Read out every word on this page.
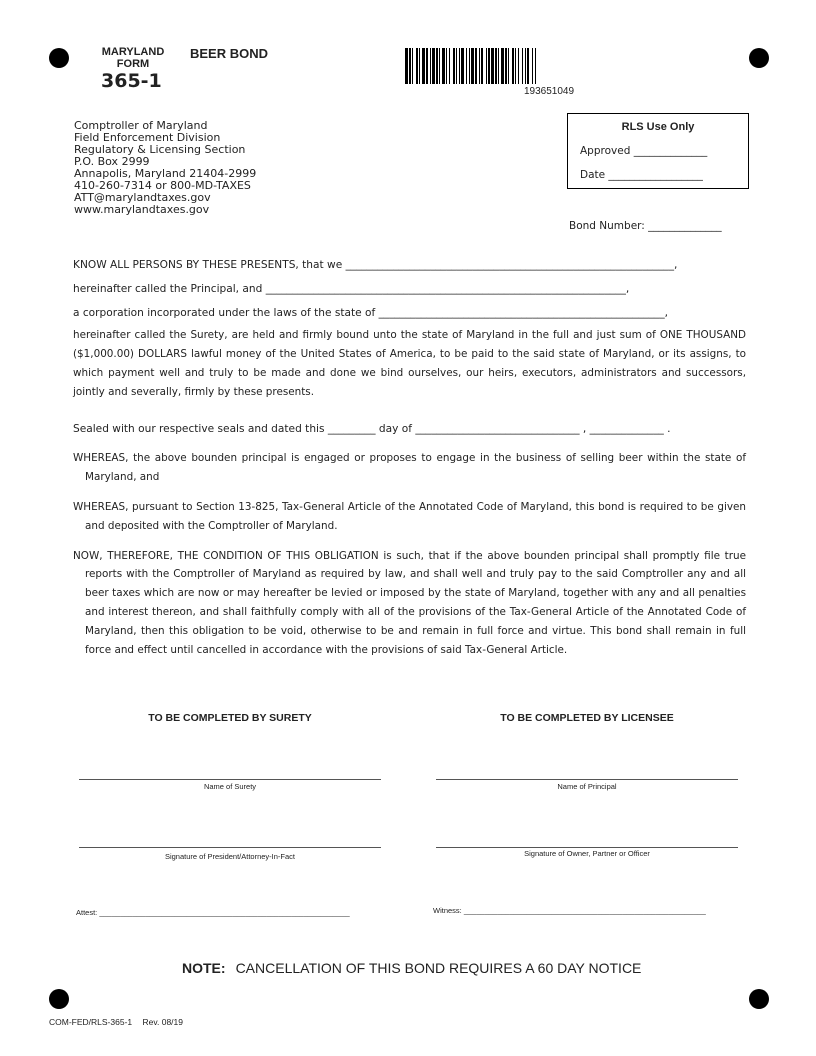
MARYLAND
FORM
365-1
BEER BOND
193651049
Comptroller of Maryland
Field Enforcement Division
Regulatory & Licensing Section
P.O. Box 2999
Annapolis, Maryland 21404-2999
410-260-7314 or 800-MD-TAXES
ATT@marylandtaxes.gov
www.marylandtaxes.gov
RLS Use Only
Approved ______________
Date __________________
Bond Number: ______________
KNOW ALL PERSONS BY THESE PRESENTS, that we ______________________________________________________________,
hereinafter called the Principal, and ____________________________________________________________________,
a corporation incorporated under the laws of the state of ______________________________________________________,
hereinafter called the Surety, are held and firmly bound unto the state of Maryland in the full and just sum of ONE THOUSAND ($1,000.00) DOLLARS lawful money of the United States of America, to be paid to the said state of Maryland, or its assigns, to which payment well and truly to be made and done we bind ourselves, our heirs, executors, administrators and successors, jointly and severally, firmly by these presents.
Sealed with our respective seals and dated this _________ day of _______________________________ , ______________ .
WHEREAS, the above bounden principal is engaged or proposes to engage in the business of selling beer within the state of Maryland, and
WHEREAS, pursuant to Section 13-825, Tax-General Article of the Annotated Code of Maryland, this bond is required to be given and deposited with the Comptroller of Maryland.
NOW, THEREFORE, THE CONDITION OF THIS OBLIGATION is such, that if the above bounden principal shall promptly file true reports with the Comptroller of Maryland as required by law, and shall well and truly pay to the said Comptroller any and all beer taxes which are now or may hereafter be levied or imposed by the state of Maryland, together with any and all penalties and interest thereon, and shall faithfully comply with all of the provisions of the Tax-General Article of the Annotated Code of Maryland, then this obligation to be void, otherwise to be and remain in full force and virtue. This bond shall remain in full force and effect until cancelled in accordance with the provisions of said Tax-General Article.
TO BE COMPLETED BY SURETY	TO BE COMPLETED BY LICENSEE
Name of Surety	Name of Principal
Signature of President/Attorney-In-Fact	Signature of Owner, Partner or Officer
Attest: ____________________________________________________________	Witness: __________________________________________________________
NOTE: CANCELLATION OF THIS BOND REQUIRES A 60 DAY NOTICE
COM-FED/RLS-365-1 Rev. 08/19
